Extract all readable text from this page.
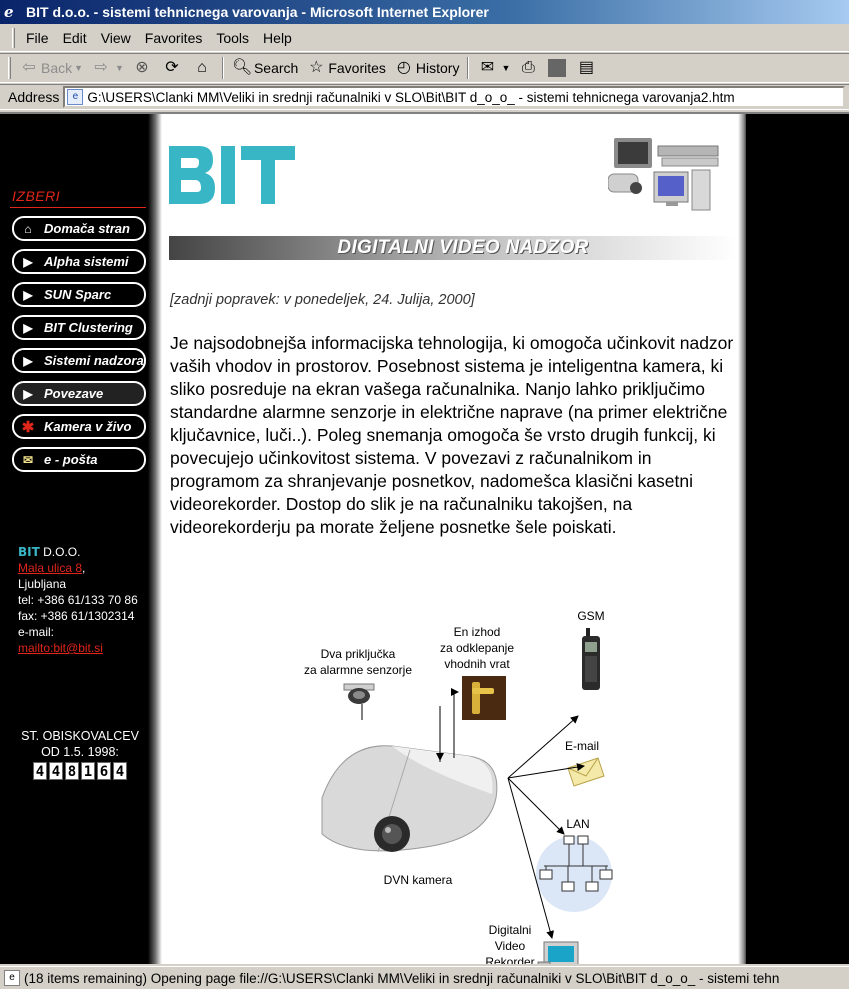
e BIT d.o.o. - sistemi tehnicnega varovanja - Microsoft Internet Explorer
File	Edit	View	Favorites	Tools	Help
⇦ Back ▼ ⇨ ▼ ⊗ ⟳	⌂	🔍︎ Search ☆ Favorites ◴ History ✉ ▼ ⎙	▤
Address	e G:\USERS\Clanki MM\Veliki in srednji računalniki v SLO\Bit\BIT d_o_o_ - sistemi tehnicnega varovanja2.htm
IZBERI
⌂ Domača stran
▶ Alpha sistemi
▶ SUN Sparc
▶ BIT Clustering
▶ Sistemi nadzora
▶ Povezave
✱ Kamera v živo
✉ e - pošta
BIT D.O.O.
Mala ulica 8,
Ljubljana
tel: +386 61/133 70 86
fax: +386 61/1302314
e-mail:
mailto:bit@bit.si
ST. OBISKOVALCEV
OD 1.5. 1998:
4 4 8 1 6 4
DIGITALNI VIDEO NADZOR
[zadnji popravek: v ponedeljek, 24. Julija, 2000]
Je najsodobnejša informacijska tehnologija, ki omogoča učinkovit nadzor vaših vhodov in prostorov. Posebnost sistema je inteligentna kamera, ki sliko posreduje na ekran vašega računalnika. Nanjo lahko priključimo standardne alarmne senzorje in električne naprave (na primer električne ključavnice, luči..). Poleg snemanja omogoča še vrsto drugih funkcij, ki povecujejo učinkovitost sistema. V povezavi z računalnikom in programom za shranjevanje posnetkov, nadomešca klasični kasetni videorekorder. Dostop do slik je na računalniku takojšen, na videorekorderju pa morate željene posnetke šele poiskati.
Dva priključka
za alarmne senzorje
En izhod
za odklepanje
vhodnih vrat
GSM
E-mail
LAN
Digitalni
Video
Rekorder
DVN kamera
e (18 items remaining) Opening page file://G:\USERS\Clanki MM\Veliki in srednji računalniki v SLO\Bit\BIT d_o_o_ - sistemi tehn
